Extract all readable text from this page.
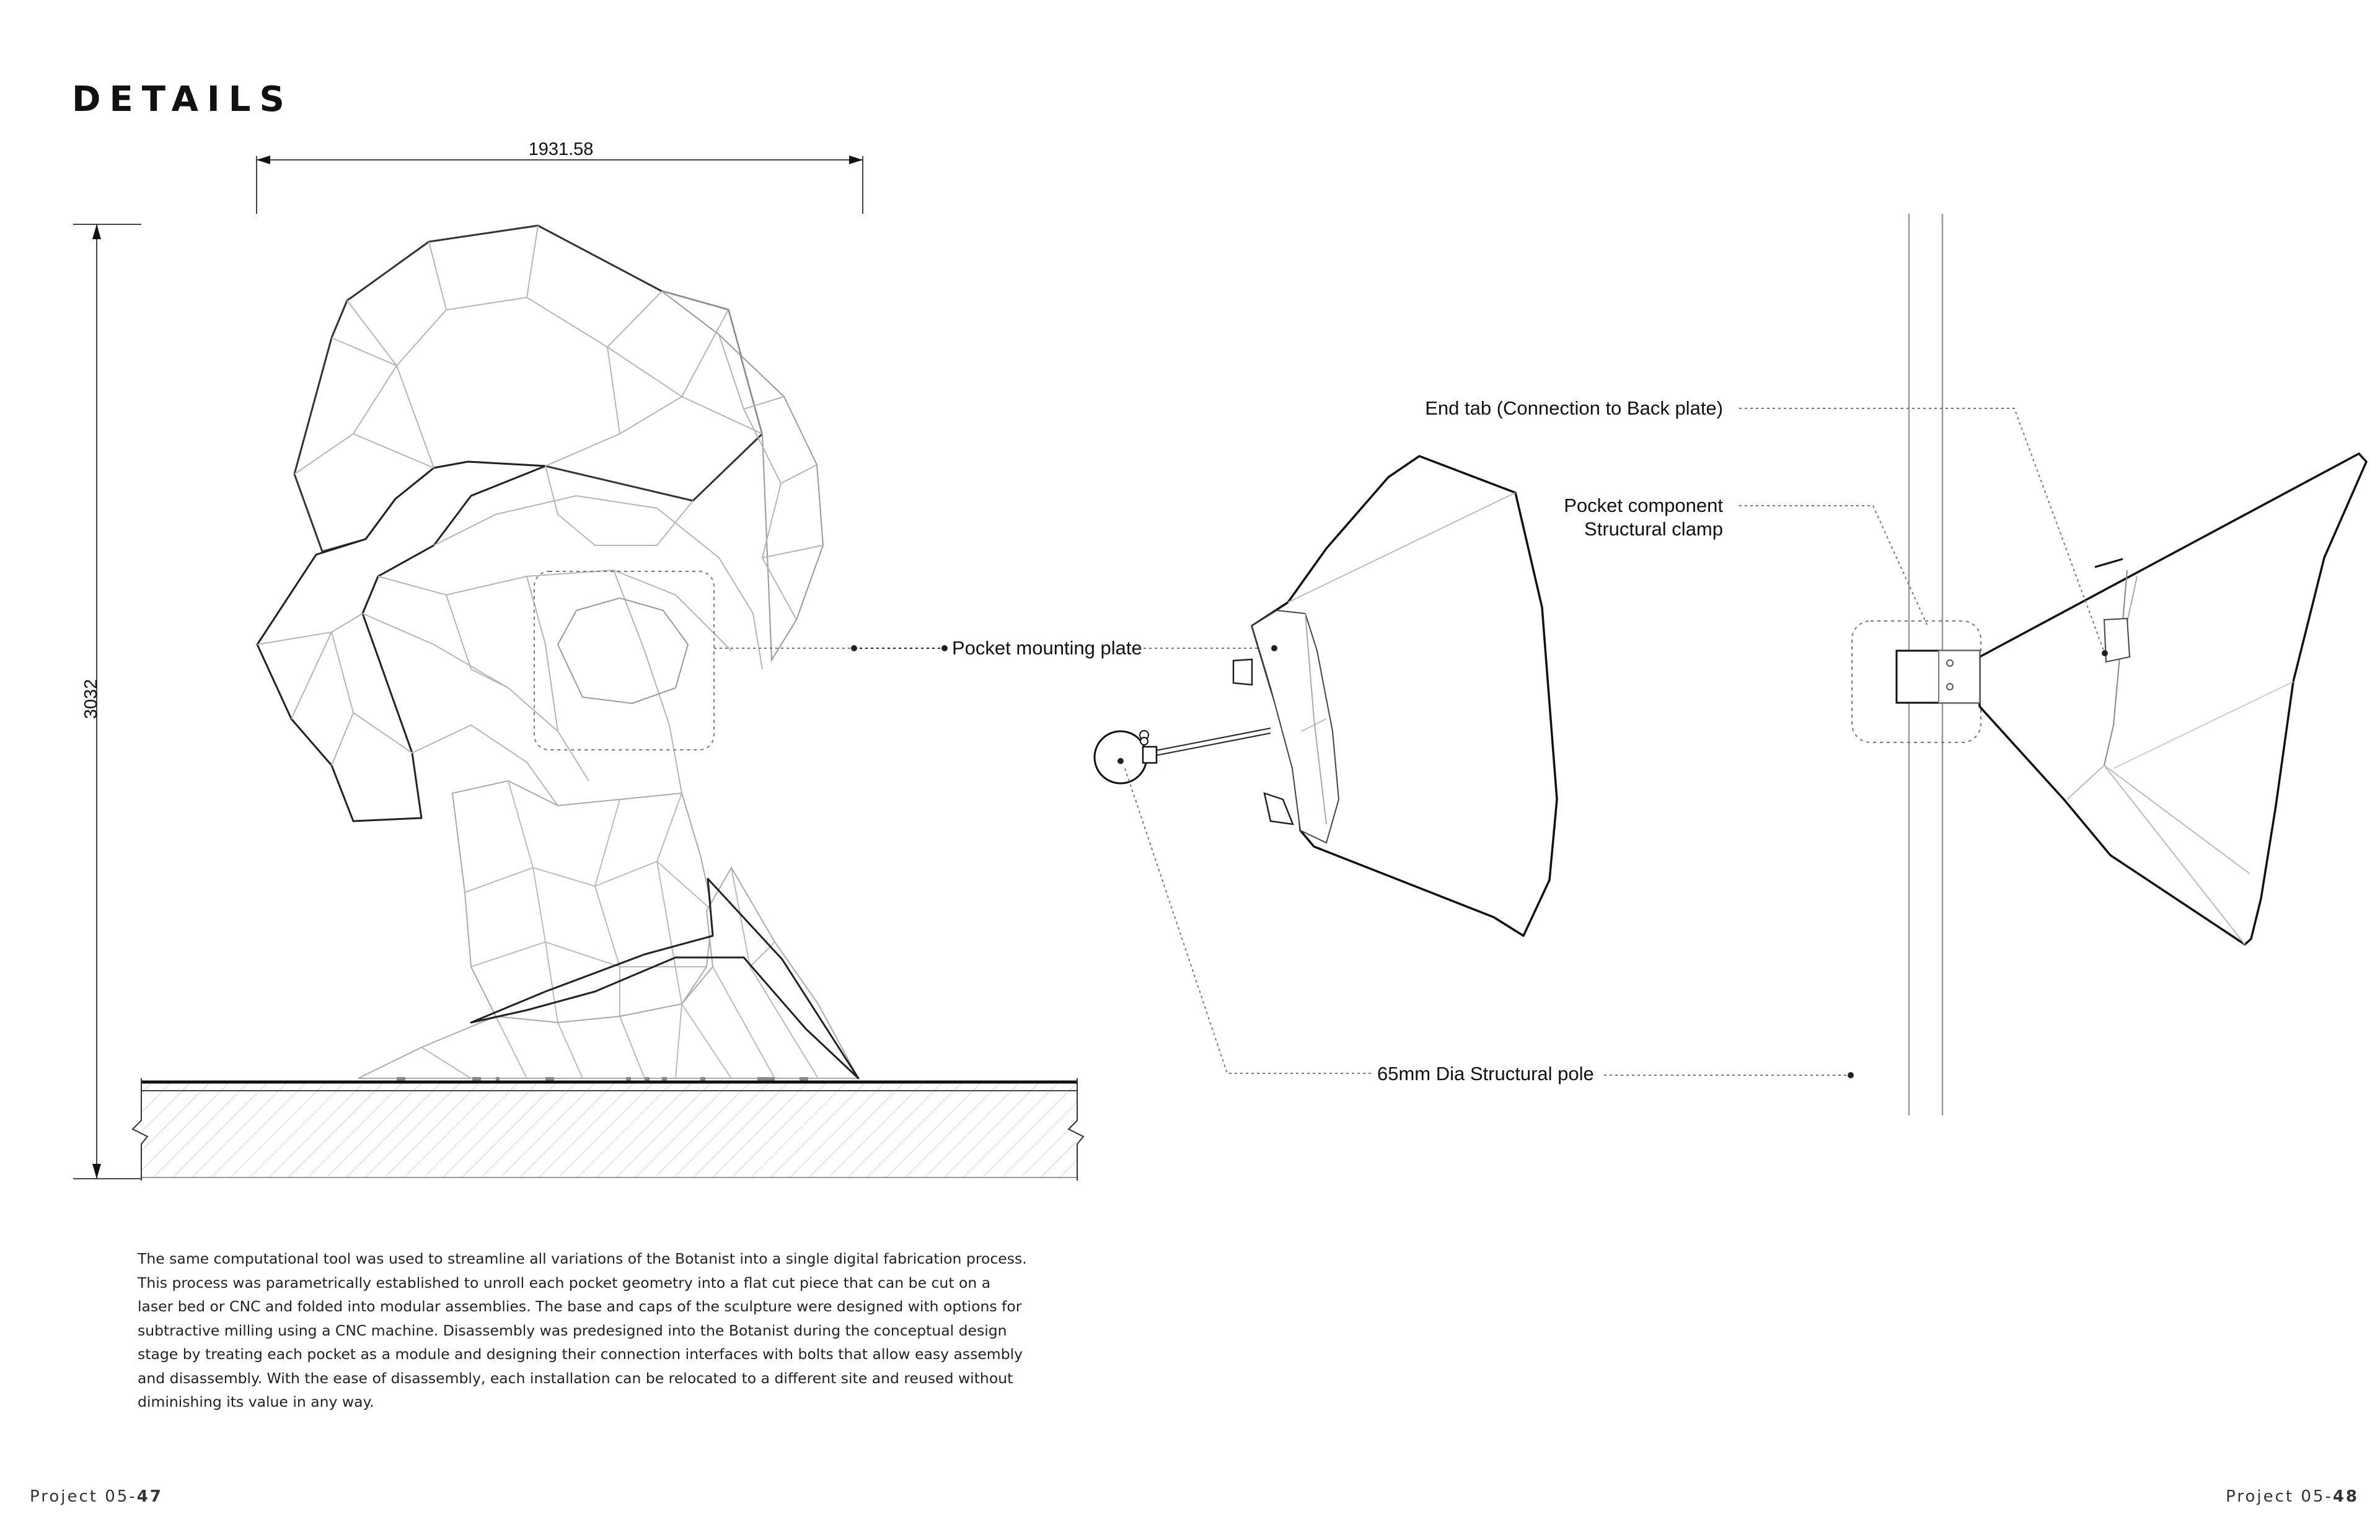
DETAILS
1931.58
3032
Pocket mounting plate
65mm Dia Structural pole
End tab (Connection to Back plate)
Pocket component
Structural clamp
The same computational tool was used to streamline all variations of the Botanist into a single digital fabrication process.
This process was parametrically established to unroll each pocket geometry into a flat cut piece that can be cut on a
laser bed or CNC and folded into modular assemblies. The base and caps of the sculpture were designed with options for
subtractive milling using a CNC machine. Disassembly was predesigned into the Botanist during the conceptual design
stage by treating each pocket as a module and designing their connection interfaces with bolts that allow easy assembly
and disassembly. With the ease of disassembly, each installation can be relocated to a different site and reused without
diminishing its value in any way.
Project 05-47	Project 05-48
